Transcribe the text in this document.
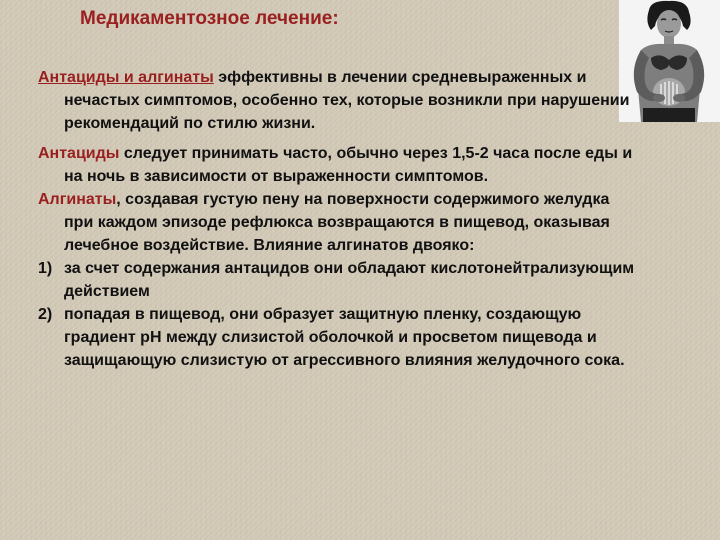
Медикаментозное лечение:

Антациды и алгинаты эффективны в лечении средневыраженных и нечастых симптомов, особенно тех, которые возникли при нарушении рекомендаций по стилю жизни.

Антациды следует принимать часто, обычно через 1,5-2 часа после еды и на ночь в зависимости от выраженности симптомов.

Алгинаты, создавая густую пену на поверхности содержимого желудка при каждом эпизоде рефлюкса возвращаются в пищевод, оказывая лечебное воздействие. Влияние алгинатов двояко:

1) за счет содержания антацидов они обладают кислотонейтрализующим действием

2) попадая в пищевод, они образует защитную пленку, создающую градиент рН между слизистой оболочкой и просветом пищевода и защищающую слизистую от агрессивного влияния желудочного сока.
